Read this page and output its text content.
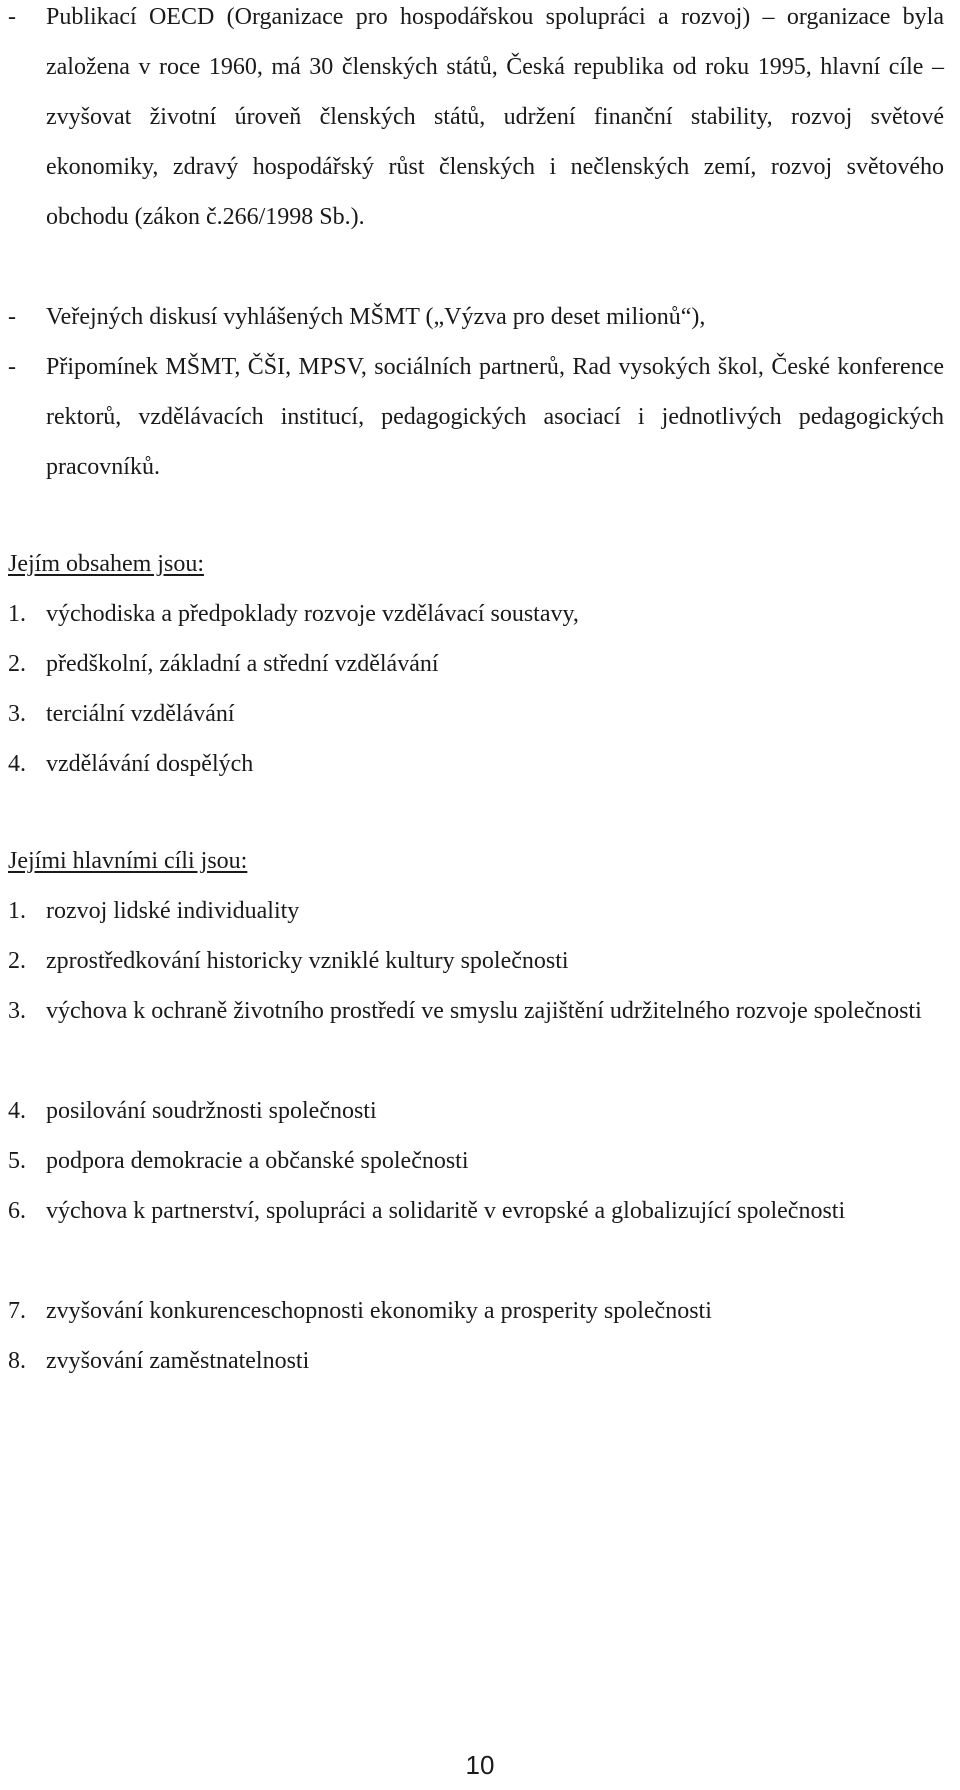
-	Publikací OECD (Organizace pro hospodářskou spolupráci a rozvoj) – organizace byla založena v roce 1960, má 30 členských států, Česká republika od roku 1995, hlavní cíle – zvyšovat životní úroveň členských států, udržení finanční stability, rozvoj světové ekonomiky, zdravý hospodářský růst členských i nečlenských zemí, rozvoj světového obchodu (zákon č.266/1998 Sb.).
-	Veřejných diskusí vyhlášených MŠMT („Výzva pro deset milionů“),
-	Připomínek MŠMT, ČŠI, MPSV, sociálních partnerů, Rad vysokých škol, České konference rektorů, vzdělávacích institucí, pedagogických asociací i jednotlivých pedagogických pracovníků.
Jejím obsahem jsou:
1. východiska a předpoklady rozvoje vzdělávací soustavy,
2. předškolní, základní a střední vzdělávání
3. terciální vzdělávání
4. vzdělávání dospělých
Jejími hlavními cíli jsou:
1. rozvoj lidské individuality
2. zprostředkování historicky vzniklé kultury společnosti
3. výchova k ochraně životního prostředí ve smyslu zajištění udržitelného rozvoje společnosti
4. posilování soudržnosti společnosti
5. podpora demokracie a občanské společnosti
6. výchova k partnerství, spolupráci a solidaritě v evropské a globalizující společnosti
7. zvyšování konkurenceschopnosti ekonomiky a prosperity společnosti
8. zvyšování zaměstnatelnosti
10
